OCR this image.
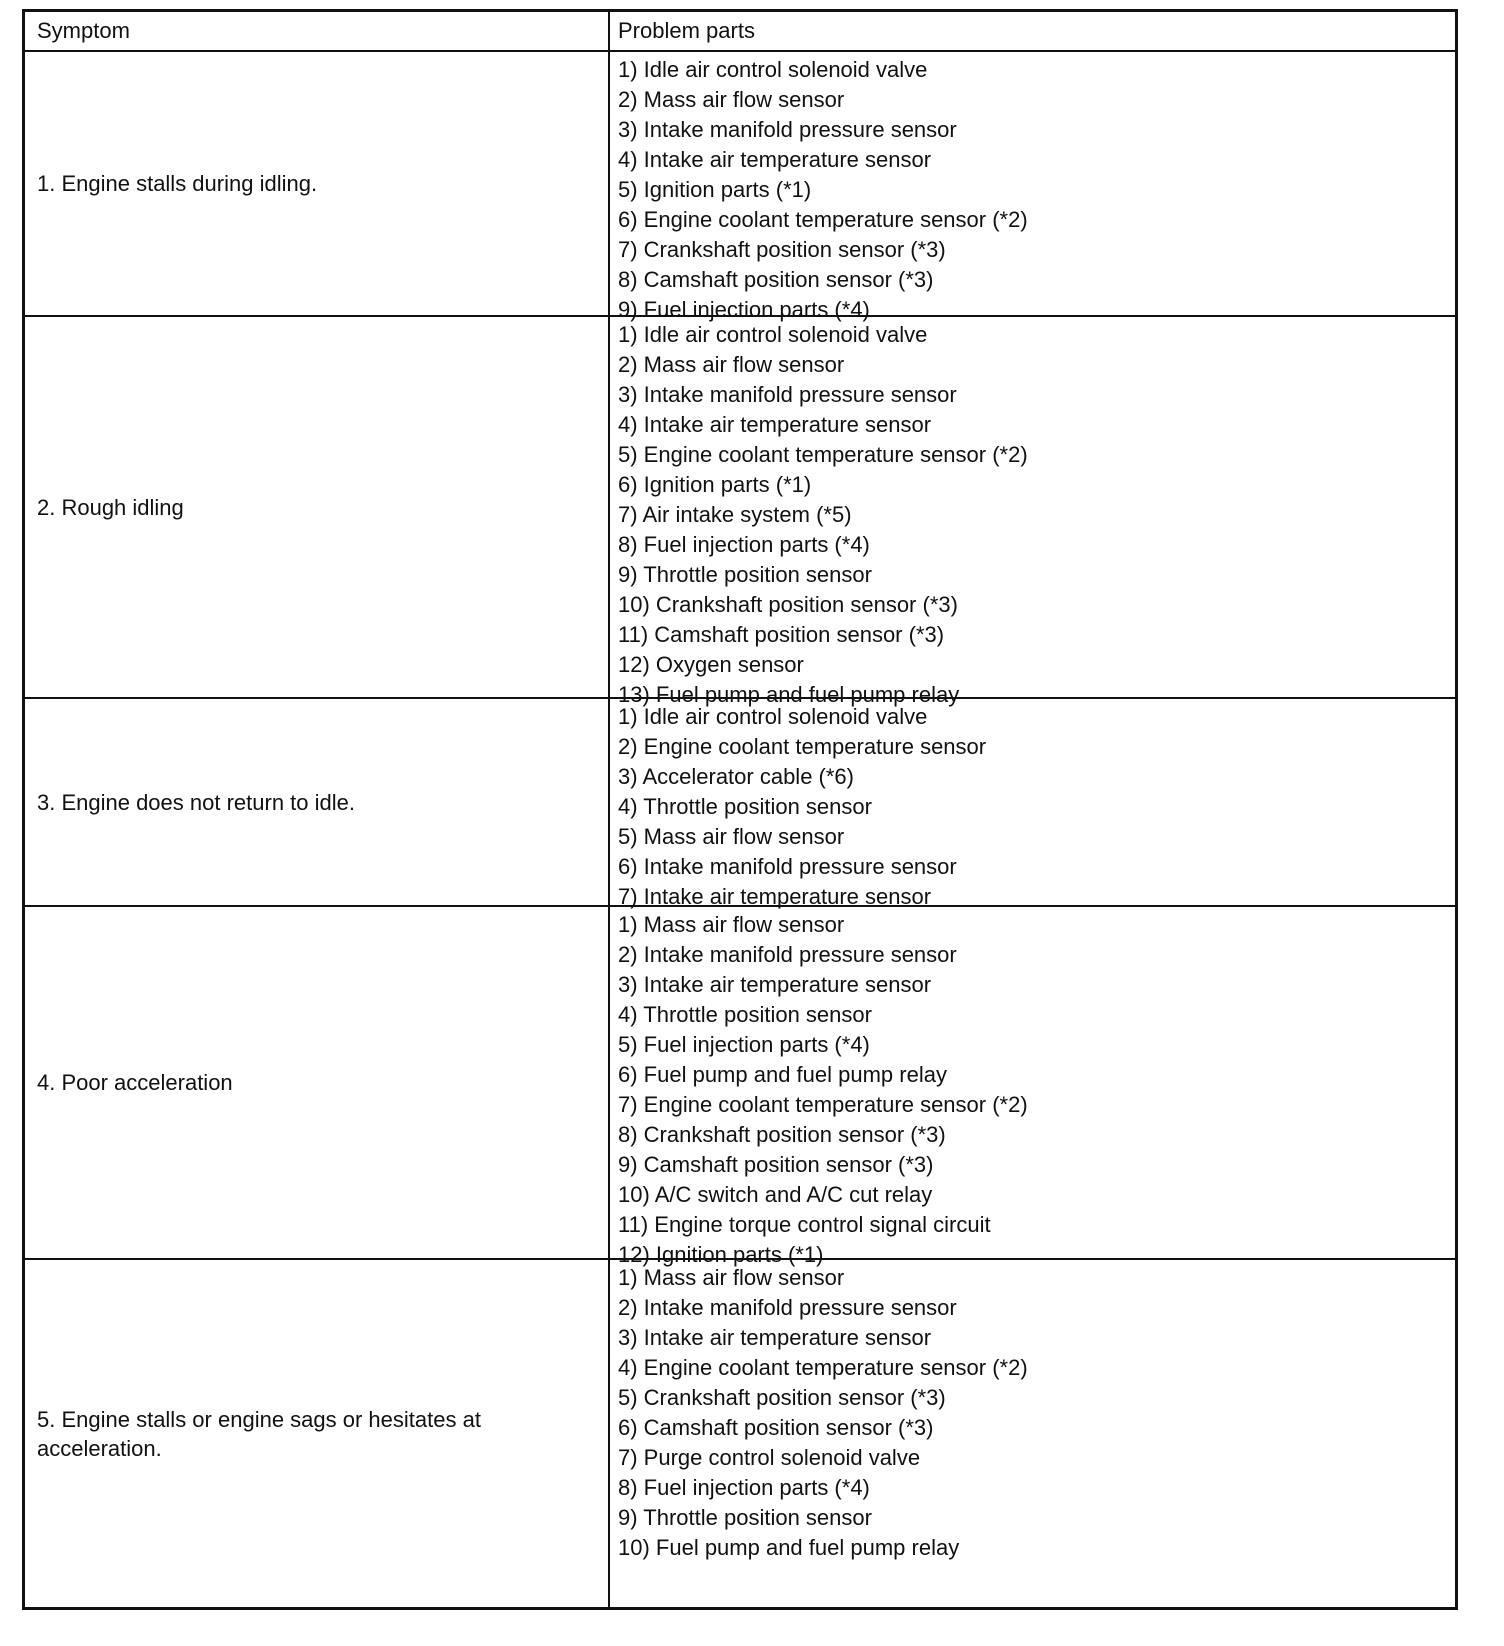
Symptom	Problem parts
1. Engine stalls during idling.
1) Idle air control solenoid valve
2) Mass air flow sensor
3) Intake manifold pressure sensor
4) Intake air temperature sensor
5) Ignition parts (*1)
6) Engine coolant temperature sensor (*2)
7) Crankshaft position sensor (*3)
8) Camshaft position sensor (*3)
9) Fuel injection parts (*4)
2. Rough idling
1) Idle air control solenoid valve
2) Mass air flow sensor
3) Intake manifold pressure sensor
4) Intake air temperature sensor
5) Engine coolant temperature sensor (*2)
6) Ignition parts (*1)
7) Air intake system (*5)
8) Fuel injection parts (*4)
9) Throttle position sensor
10) Crankshaft position sensor (*3)
11) Camshaft position sensor (*3)
12) Oxygen sensor
13) Fuel pump and fuel pump relay
3. Engine does not return to idle.
1) Idle air control solenoid valve
2) Engine coolant temperature sensor
3) Accelerator cable (*6)
4) Throttle position sensor
5) Mass air flow sensor
6) Intake manifold pressure sensor
7) Intake air temperature sensor
4. Poor acceleration
1) Mass air flow sensor
2) Intake manifold pressure sensor
3) Intake air temperature sensor
4) Throttle position sensor
5) Fuel injection parts (*4)
6) Fuel pump and fuel pump relay
7) Engine coolant temperature sensor (*2)
8) Crankshaft position sensor (*3)
9) Camshaft position sensor (*3)
10) A/C switch and A/C cut relay
11) Engine torque control signal circuit
12) Ignition parts (*1)
5. Engine stalls or engine sags or hesitates at acceleration.
1) Mass air flow sensor
2) Intake manifold pressure sensor
3) Intake air temperature sensor
4) Engine coolant temperature sensor (*2)
5) Crankshaft position sensor (*3)
6) Camshaft position sensor (*3)
7) Purge control solenoid valve
8) Fuel injection parts (*4)
9) Throttle position sensor
10) Fuel pump and fuel pump relay
